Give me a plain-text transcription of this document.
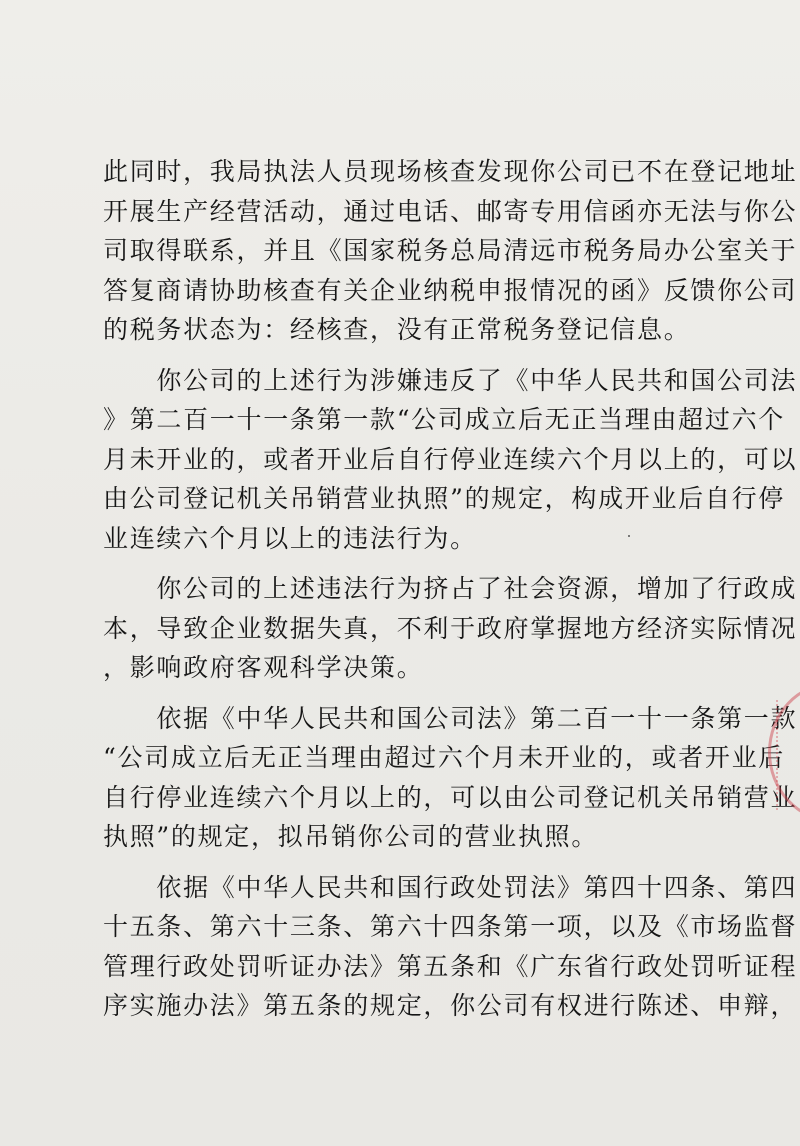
此同时，我局执法人员现场核查发现你公司已不在登记地址
开展生产经营活动，通过电话、邮寄专用信函亦无法与你公
司取得联系，并且《国家税务总局清远市税务局办公室关于
答复商请协助核查有关企业纳税申报情况的函》反馈你公司
的税务状态为：经核查，没有正常税务登记信息。
　　你公司的上述行为涉嫌违反了《中华人民共和国公司法
》第二百一十一条第一款“公司成立后无正当理由超过六个
月未开业的，或者开业后自行停业连续六个月以上的，可以
由公司登记机关吊销营业执照”的规定，构成开业后自行停
业连续六个月以上的违法行为。
　　你公司的上述违法行为挤占了社会资源，增加了行政成
本，导致企业数据失真，不利于政府掌握地方经济实际情况
，影响政府客观科学决策。
　　依据《中华人民共和国公司法》第二百一十一条第一款
“公司成立后无正当理由超过六个月未开业的，或者开业后
自行停业连续六个月以上的，可以由公司登记机关吊销营业
执照”的规定，拟吊销你公司的营业执照。
　　依据《中华人民共和国行政处罚法》第四十四条、第四
十五条、第六十三条、第六十四条第一项，以及《市场监督
管理行政处罚听证办法》第五条和《广东省行政处罚听证程
序实施办法》第五条的规定，你公司有权进行陈述、申辩，
